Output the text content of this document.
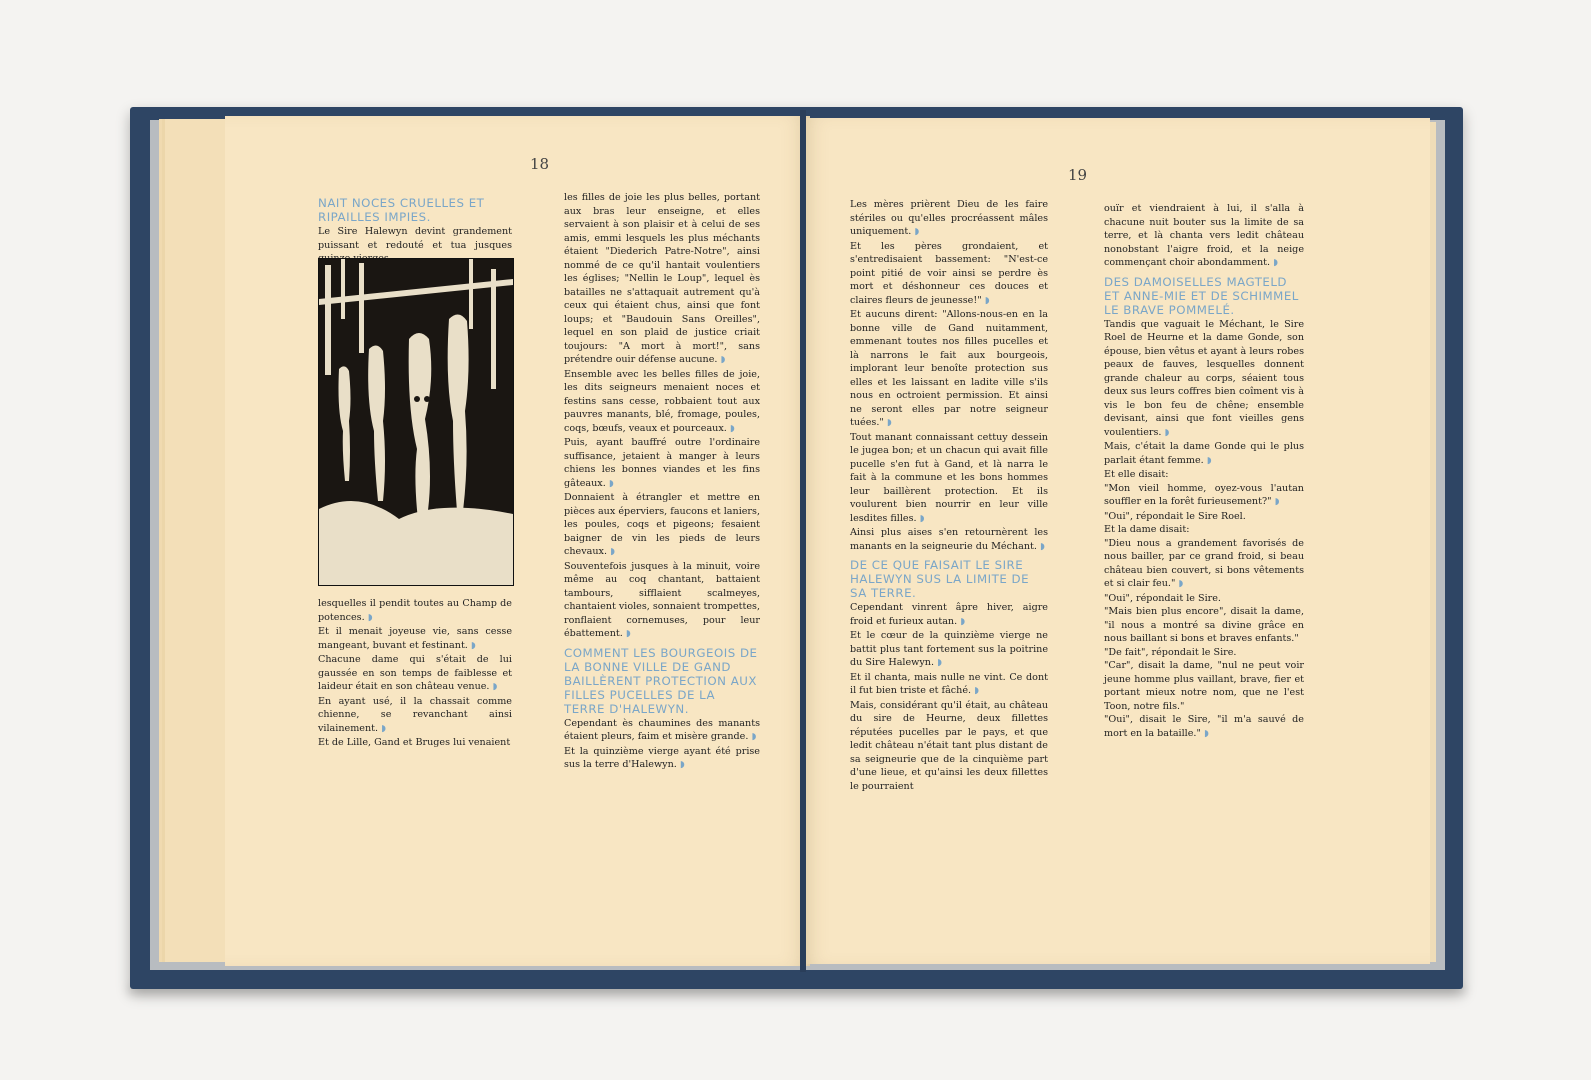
18

NAIT NOCES CRUELLES ET RIPAILLES IMPIES.

Le Sire Halewyn devint grandement puissant et redouté et tua jusques

lesquelles il pendit toutes au Champ de potences. ◗

Et il menait joyeuse vie, sans cesse mangeant, buvant et festinant. ◗

Chacune dame qui s'était de lui gaussée en son temps de faiblesse et laideur était en son château venue. ◗

En ayant usé, il la chassait comme chienne, se revanchant ainsi vilainement. ◗

Et de Lille, Gand et Bruges lui venaient

les filles de joie les plus belles, portant aux bras leur enseigne, et elles servaient à son plaisir et à celui de ses amis, emmi lesquels les plus méchants étaient "Diederich Patre-Notre", ainsi nommé de ce qu'il hantait voulentiers les églises; "Nellin le Loup", lequel ès batailles ne s'attaquait autrement qu'à ceux qui étaient chus, ainsi que font loups; et "Baudouin Sans Oreilles", lequel en son plaid de justice criait toujours: "A mort à mort!", sans prétendre ouir défense aucune. ◗

Ensemble avec les belles filles de joie, les dits seigneurs menaient noces et festins sans cesse, robbaient tout aux pauvres manants, blé, fromage, poules, coqs, bœufs, veaux et pourceaux. ◗

Puis, ayant bauffré outre l'ordinaire suffisance, jetaient à manger à leurs chiens les bonnes viandes et les fins gâteaux. ◗

Donnaient à étrangler et mettre en pièces aux éperviers, faucons et laniers, les poules, coqs et pigeons; fesaient baigner de vin les pieds de leurs chevaux. ◗

Souventefois jusques à la minuit, voire même au coq chantant, battaient tambours, sifflaient scalmeyes, chantaient violes, sonnaient trompettes, ronflaient cornemuses, pour leur ébattement. ◗

COMMENT LES BOURGEOIS DE LA BONNE VILLE DE GAND BAILLÈRENT PROTECTION AUX FILLES PUCELLES DE LA TERRE D'HALEWYN.

Cependant ès chaumines des manants étaient pleurs, faim et misère grande. ◗

Et la quinzième vierge ayant été prise sus la terre d'Halewyn. ◗

19

Les mères prièrent Dieu de les faire stériles ou qu'elles procréassent mâles uniquement. ◗

Et les pères grondaient, et s'entredisaient bassement: "N'est-ce point pitié de voir ainsi se perdre ès mort et déshonneur ces douces et claires fleurs de jeunesse!" ◗

Et aucuns dirent: "Allons-nous-en en la bonne ville de Gand nuitamment, emmenant toutes nos filles pucelles et là narrons le fait aux bourgeois, implorant leur benoîte protection sus elles et les laissant en ladite ville s'ils nous en octroient permission. Et ainsi ne seront elles par notre seigneur tuées." ◗

Tout manant connaissant cettuy dessein le jugea bon; et un chacun qui avait fille pucelle s'en fut à Gand, et là narra le fait à la commune et les bons hommes leur baillèrent protection. Et ils voulurent bien nourrir en leur ville lesdites filles. ◗

Ainsi plus aises s'en retournèrent les manants en la seigneurie du Méchant. ◗

DE CE QUE FAISAIT LE SIRE HALEWYN SUS LA LIMITE DE SA TERRE.

Cependant vinrent âpre hiver, aigre froid et furieux autan. ◗

Et le cœur de la quinzième vierge ne battit plus tant fortement sus la poitrine du Sire Halewyn. ◗

Et il chanta, mais nulle ne vint. Ce dont il fut bien triste et fâché. ◗

Mais, considérant qu'il était, au château du sire de Heurne, deux fillettes réputées pucelles par le pays, et que ledit château n'était tant plus distant de sa seigneurie que de la cinquième part d'une lieue, et qu'ainsi les deux fillettes le pourraient

ouïr et viendraient à lui, il s'alla à chacune nuit bouter sus la limite de sa terre, et là chanta vers ledit château nonobstant l'aigre froid, et la neige commençant choir abondamment. ◗

DES DAMOISELLES MAGTELD ET ANNE-MIE ET DE SCHIMMEL LE BRAVE POMMELÉ.

Tandis que vaguait le Méchant, le Sire Roel de Heurne et la dame Gonde, son épouse, bien vêtus et ayant à leurs robes peaux de fauves, lesquelles donnent grande chaleur au corps, séaient tous deux sus leurs coffres bien coîment vis à vis le bon feu de chêne; ensemble devisant, ainsi que font vieilles gens voulentiers. ◗

Mais, c'était la dame Gonde qui le plus parlait étant femme. ◗

Et elle disait:

"Mon vieil homme, oyez-vous l'autan souffler en la forêt furieusement?" ◗

"Oui", répondait le Sire Roel.

Et la dame disait:

"Dieu nous a grandement favorisés de nous bailler, par ce grand froid, si beau château bien couvert, si bons vêtements et si clair feu." ◗

"Oui", répondait le Sire.

"Mais bien plus encore", disait la dame, "il nous a montré sa divine grâce en nous baillant si bons et braves enfants."

"De fait", répondait le Sire.

"Car", disait la dame, "nul ne peut voir jeune homme plus vaillant, brave, fier et portant mieux notre nom, que ne l'est Toon, notre fils."

"Oui", disait le Sire, "il m'a sauvé de mort en la bataille." ◗
